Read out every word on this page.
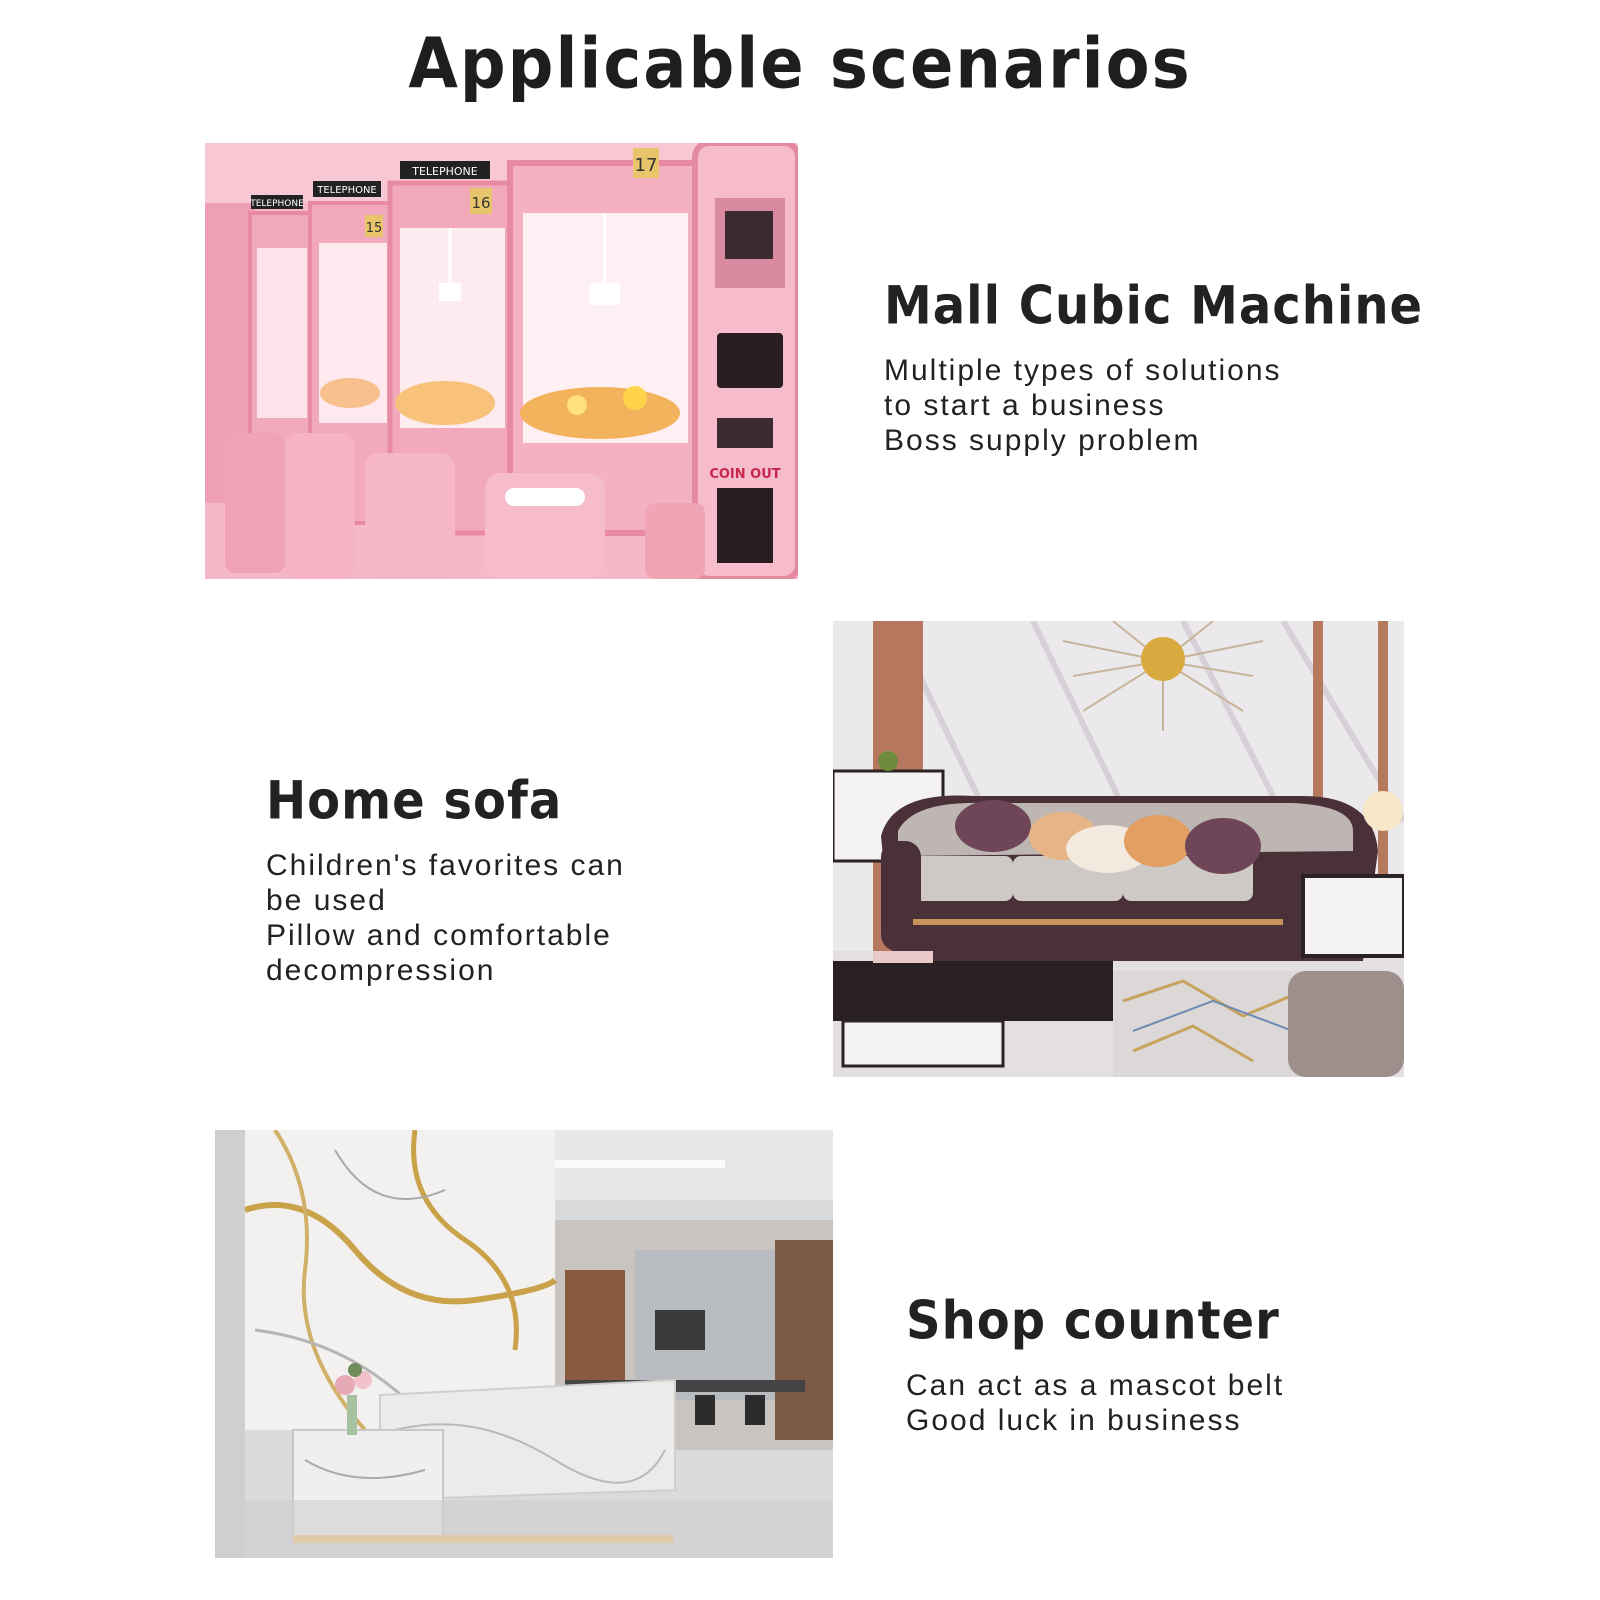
Applicable scenarios
TELEPHONE
TELEPHONE
TELEPHONE
15
16
17
COIN OUT
Mall Cubic Machine
Multiple types of solutions
to start a business
Boss supply problem
Home sofa
Children's favorites can
be used
Pillow and comfortable
decompression
Shop counter
Can act as a mascot belt
Good luck in business
